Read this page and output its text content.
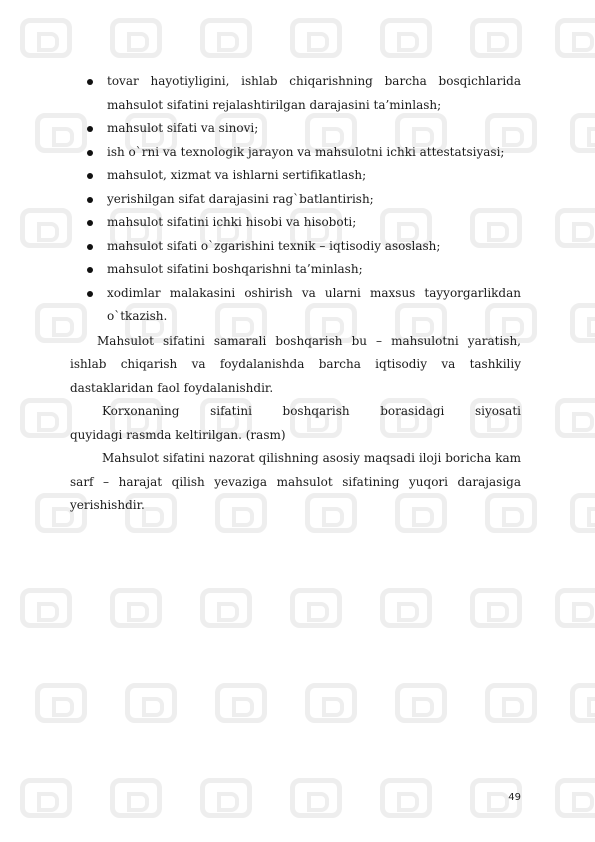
tovar hayotiyligini, ishlab chiqarishning barcha bosqichlarida
mahsulot sifatini rejalashtirilgan darajasini ta’minlash;
mahsulot sifati va sinovi;
ish o`rni va texnologik jarayon va mahsulotni ichki attestatsiyasi;
mahsulot, xizmat va ishlarni sertifikatlash;
yerishilgan sifat darajasini rag`batlantirish;
mahsulot sifatini ichki hisobi va hisoboti;
mahsulot sifati o`zgarishini texnik – iqtisodiy asoslash;
mahsulot sifatini boshqarishni ta’minlash;
xodimlar malakasini oshirish va ularni maxsus tayyorgarlikdan
o`tkazish.

Mahsulot sifatini samarali boshqarish bu – mahsulotni yaratish, ishlab chiqarish va foydalanishda barcha iqtisodiy va tashkiliy dastaklaridan faol foydalanishdir.

Korxonaning sifatini boshqarish borasidagi siyosati

quyidagi rasmda keltirilgan. (rasm)

Mahsulot sifatini nazorat qilishning asosiy maqsadi iloji boricha kam sarf – harajat qilish yevaziga mahsulot sifatining yuqori darajasiga yerishishdir.

49
